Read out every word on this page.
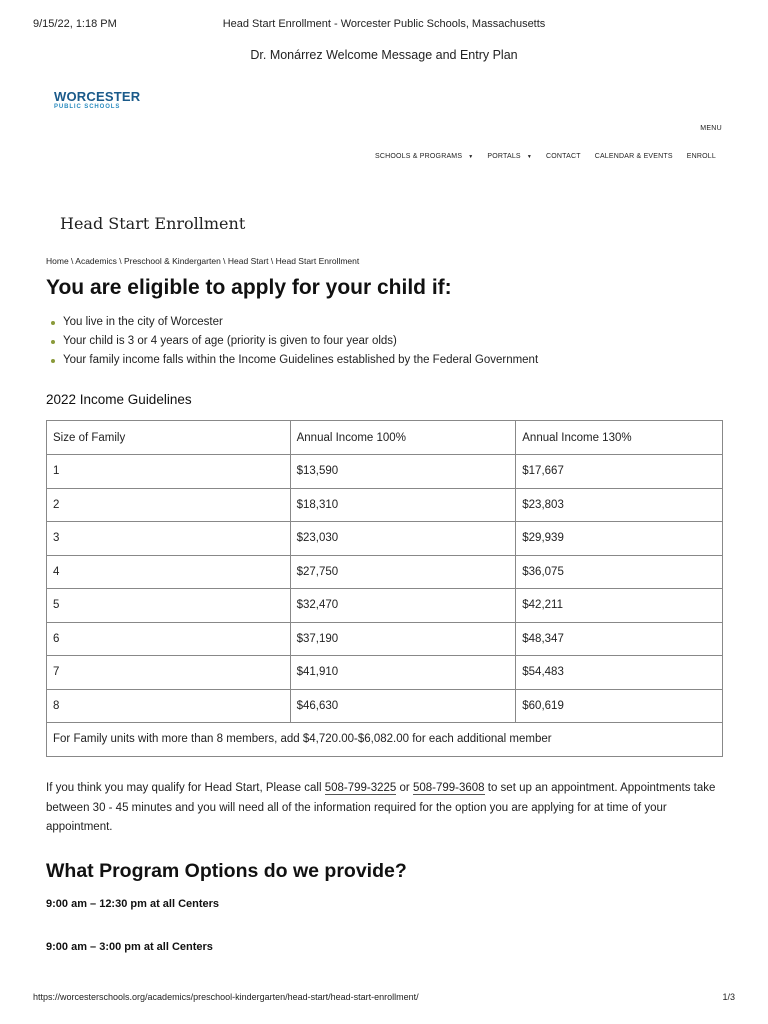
9/15/22, 1:18 PM	Head Start Enrollment - Worcester Public Schools, Massachusetts
Dr. Monárrez Welcome Message and Entry Plan
WORCESTER
PUBLIC SCHOOLS
MENU
SCHOOLS & PROGRAMS ▼ PORTALS ▼ CONTACT CALENDAR & EVENTS ENROLL
Head Start Enrollment
Home \ Academics \ Preschool & Kindergarten \ Head Start \ Head Start Enrollment
You are eligible to apply for your child if:
You live in the city of Worcester
Your child is 3 or 4 years of age (priority is given to four year olds)
Your family income falls within the Income Guidelines established by the Federal Government
2022 Income Guidelines
Size of Family	Annual Income 100%	Annual Income 130%
1	$13,590	$17,667
2	$18,310	$23,803
3	$23,030	$29,939
4	$27,750	$36,075
5	$32,470	$42,211
6	$37,190	$48,347
7	$41,910	$54,483
8	$46,630	$60,619
For Family units with more than 8 members, add $4,720.00-$6,082.00 for each additional member		
If you think you may qualify for Head Start, Please call 508-799-3225 or 508-799-3608 to set up an appointment. Appointments take between 30 - 45 minutes and you will need all of the information required for the option you are applying for at time of your appointment.
What Program Options do we provide?
9:00 am – 12:30 pm at all Centers
9:00 am – 3:00 pm at all Centers
https://worcesterschools.org/academics/preschool-kindergarten/head-start/head-start-enrollment/	1/3
